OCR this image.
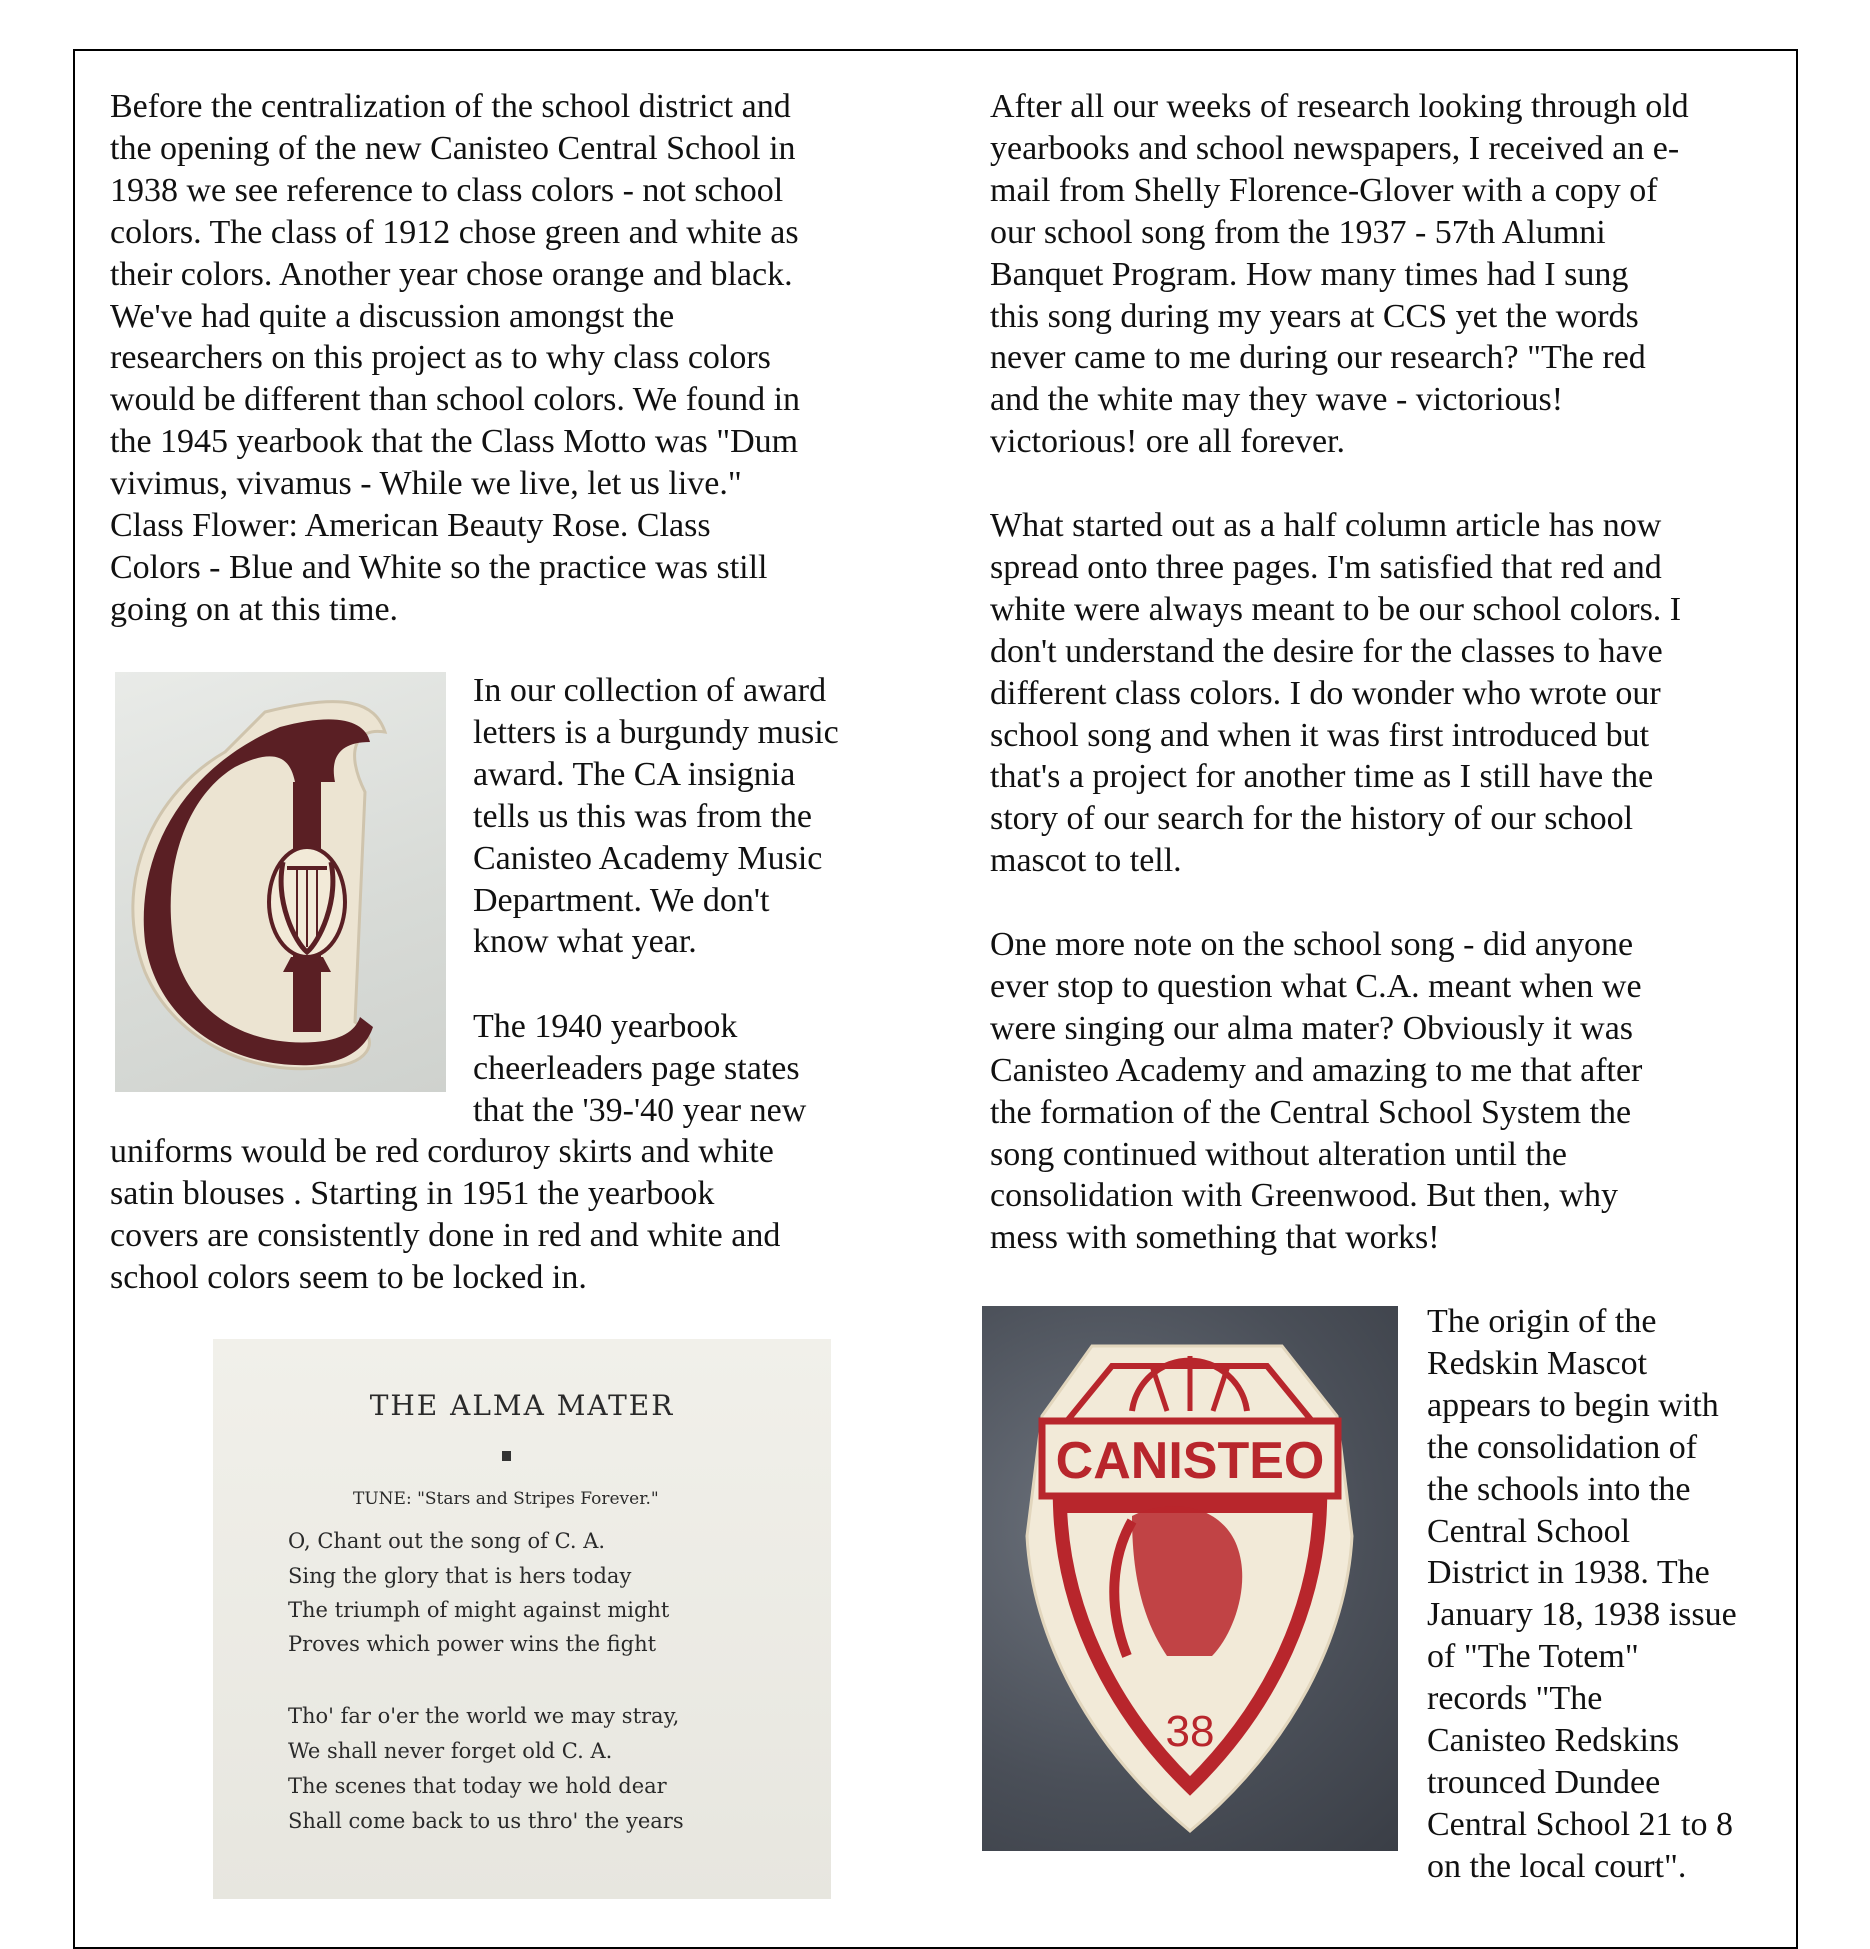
Before the centralization of the school district and
the opening of the new Canisteo Central School in
1938 we see reference to class colors - not school
colors. The class of 1912 chose green and white as
their colors. Another year chose orange and black.
We've had quite a discussion amongst the
researchers on this project as to why class colors
would be different than school colors. We found in
the 1945 yearbook that the Class Motto was "Dum
vivimus, vivamus - While we live, let us live."
Class Flower: American Beauty Rose. Class
Colors - Blue and White so the practice was still
going on at this time.

In our collection of award
letters is a burgundy music
award. The CA insignia
tells us this was from the
Canisteo Academy Music
Department. We don't
know what year.

The 1940 yearbook
cheerleaders page states
that the '39-'40 year new

uniforms would be red corduroy skirts and white
satin blouses . Starting in 1951 the yearbook
covers are consistently done in red and white and
school colors seem to be locked in.

THE ALMA MATER
TUNE: "Stars and Stripes Forever."
O, Chant out the song of C. A.
Sing the glory that is hers today
The triumph of might against might
Proves which power wins the fight
Tho' far o'er the world we may stray,
We shall never forget old C. A.
The scenes that today we hold dear
Shall come back to us thro' the years

After all our weeks of research looking through old
yearbooks and school newspapers, I received an e-
mail from Shelly Florence-Glover with a copy of
our school song from the 1937 - 57th Alumni
Banquet Program. How many times had I sung
this song during my years at CCS yet the words
never came to me during our research? "The red
and the white may they wave - victorious!
victorious! ore all forever.

What started out as a half column article has now
spread onto three pages. I'm satisfied that red and
white were always meant to be our school colors. I
don't understand the desire for the classes to have
different class colors. I do wonder who wrote our
school song and when it was first introduced but
that's a project for another time as I still have the
story of our search for the history of our school
mascot to tell.

One more note on the school song - did anyone
ever stop to question what C.A. meant when we
were singing our alma mater? Obviously it was
Canisteo Academy and amazing to me that after
the formation of the Central School System the
song continued without alteration until the
consolidation with Greenwood. But then, why
mess with something that works!

CANISTEO
38

The origin of the
Redskin Mascot
appears to begin with
the consolidation of
the schools into the
Central School
District in 1938. The
January 18, 1938 issue
of "The Totem"
records "The
Canisteo Redskins
trounced Dundee
Central School 21 to 8
on the local court".
